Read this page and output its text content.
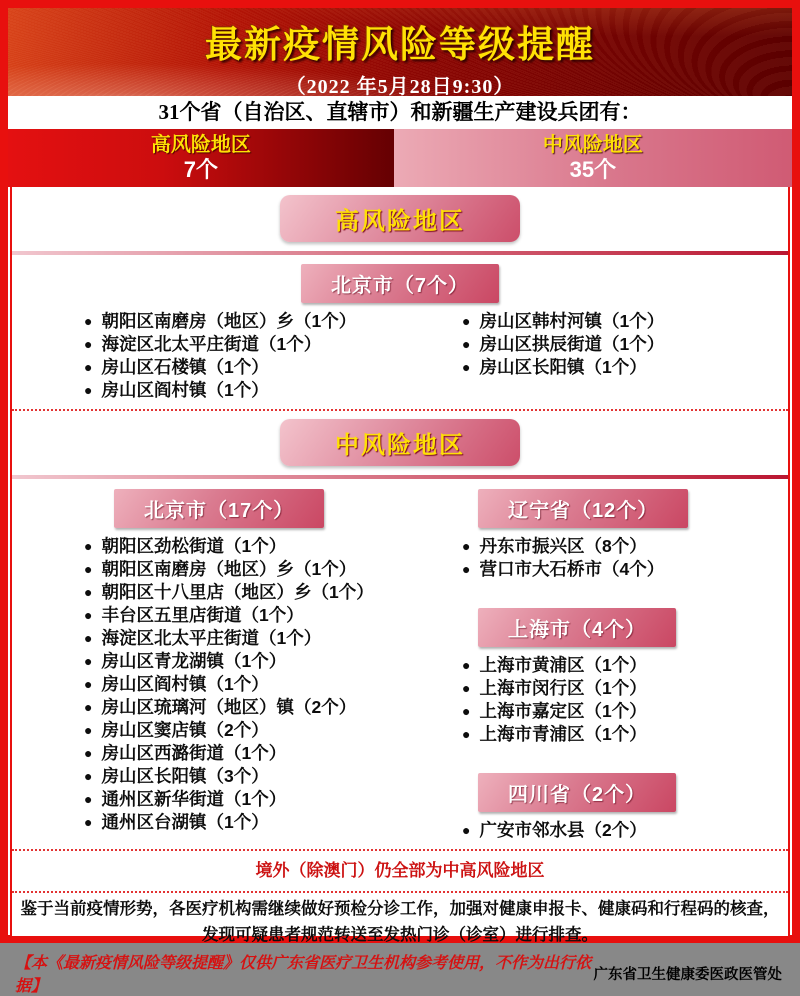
最新疫情风险等级提醒
（2022 年5月28日9:30）
31个省（自治区、直辖市）和新疆生产建设兵团有：
高风险地区
7个
中风险地区
35个
高风险地区
北京市（7个）
● 朝阳区南磨房（地区）乡（1个）
● 海淀区北太平庄街道（1个）
● 房山区石楼镇（1个）
● 房山区阎村镇（1个）
● 房山区韩村河镇（1个）
● 房山区拱辰街道（1个）
● 房山区长阳镇（1个）
中风险地区
北京市（17个）
● 朝阳区劲松街道（1个）
● 朝阳区南磨房（地区）乡（1个）
● 朝阳区十八里店（地区）乡（1个）
● 丰台区五里店街道（1个）
● 海淀区北太平庄街道（1个）
● 房山区青龙湖镇（1个）
● 房山区阎村镇（1个）
● 房山区琉璃河（地区）镇（2个）
● 房山区窦店镇（2个）
● 房山区西潞街道（1个）
● 房山区长阳镇（3个）
● 通州区新华街道（1个）
● 通州区台湖镇（1个）
辽宁省（12个）
● 丹东市振兴区（8个）
● 营口市大石桥市（4个）
上海市（4个）
● 上海市黄浦区（1个）
● 上海市闵行区（1个）
● 上海市嘉定区（1个）
● 上海市青浦区（1个）
四川省（2个）
● 广安市邻水县（2个）
境外（除澳门）仍全部为中高风险地区
鉴于当前疫情形势，各医疗机构需继续做好预检分诊工作，加强对健康申报卡、健康码和行程码的核查，发现可疑患者规范转送至发热门诊（诊室）进行排查。
【本《最新疫情风险等级提醒》仅供广东省医疗卫生机构参考使用，不作为出行依据】
广东省卫生健康委医政医管处
